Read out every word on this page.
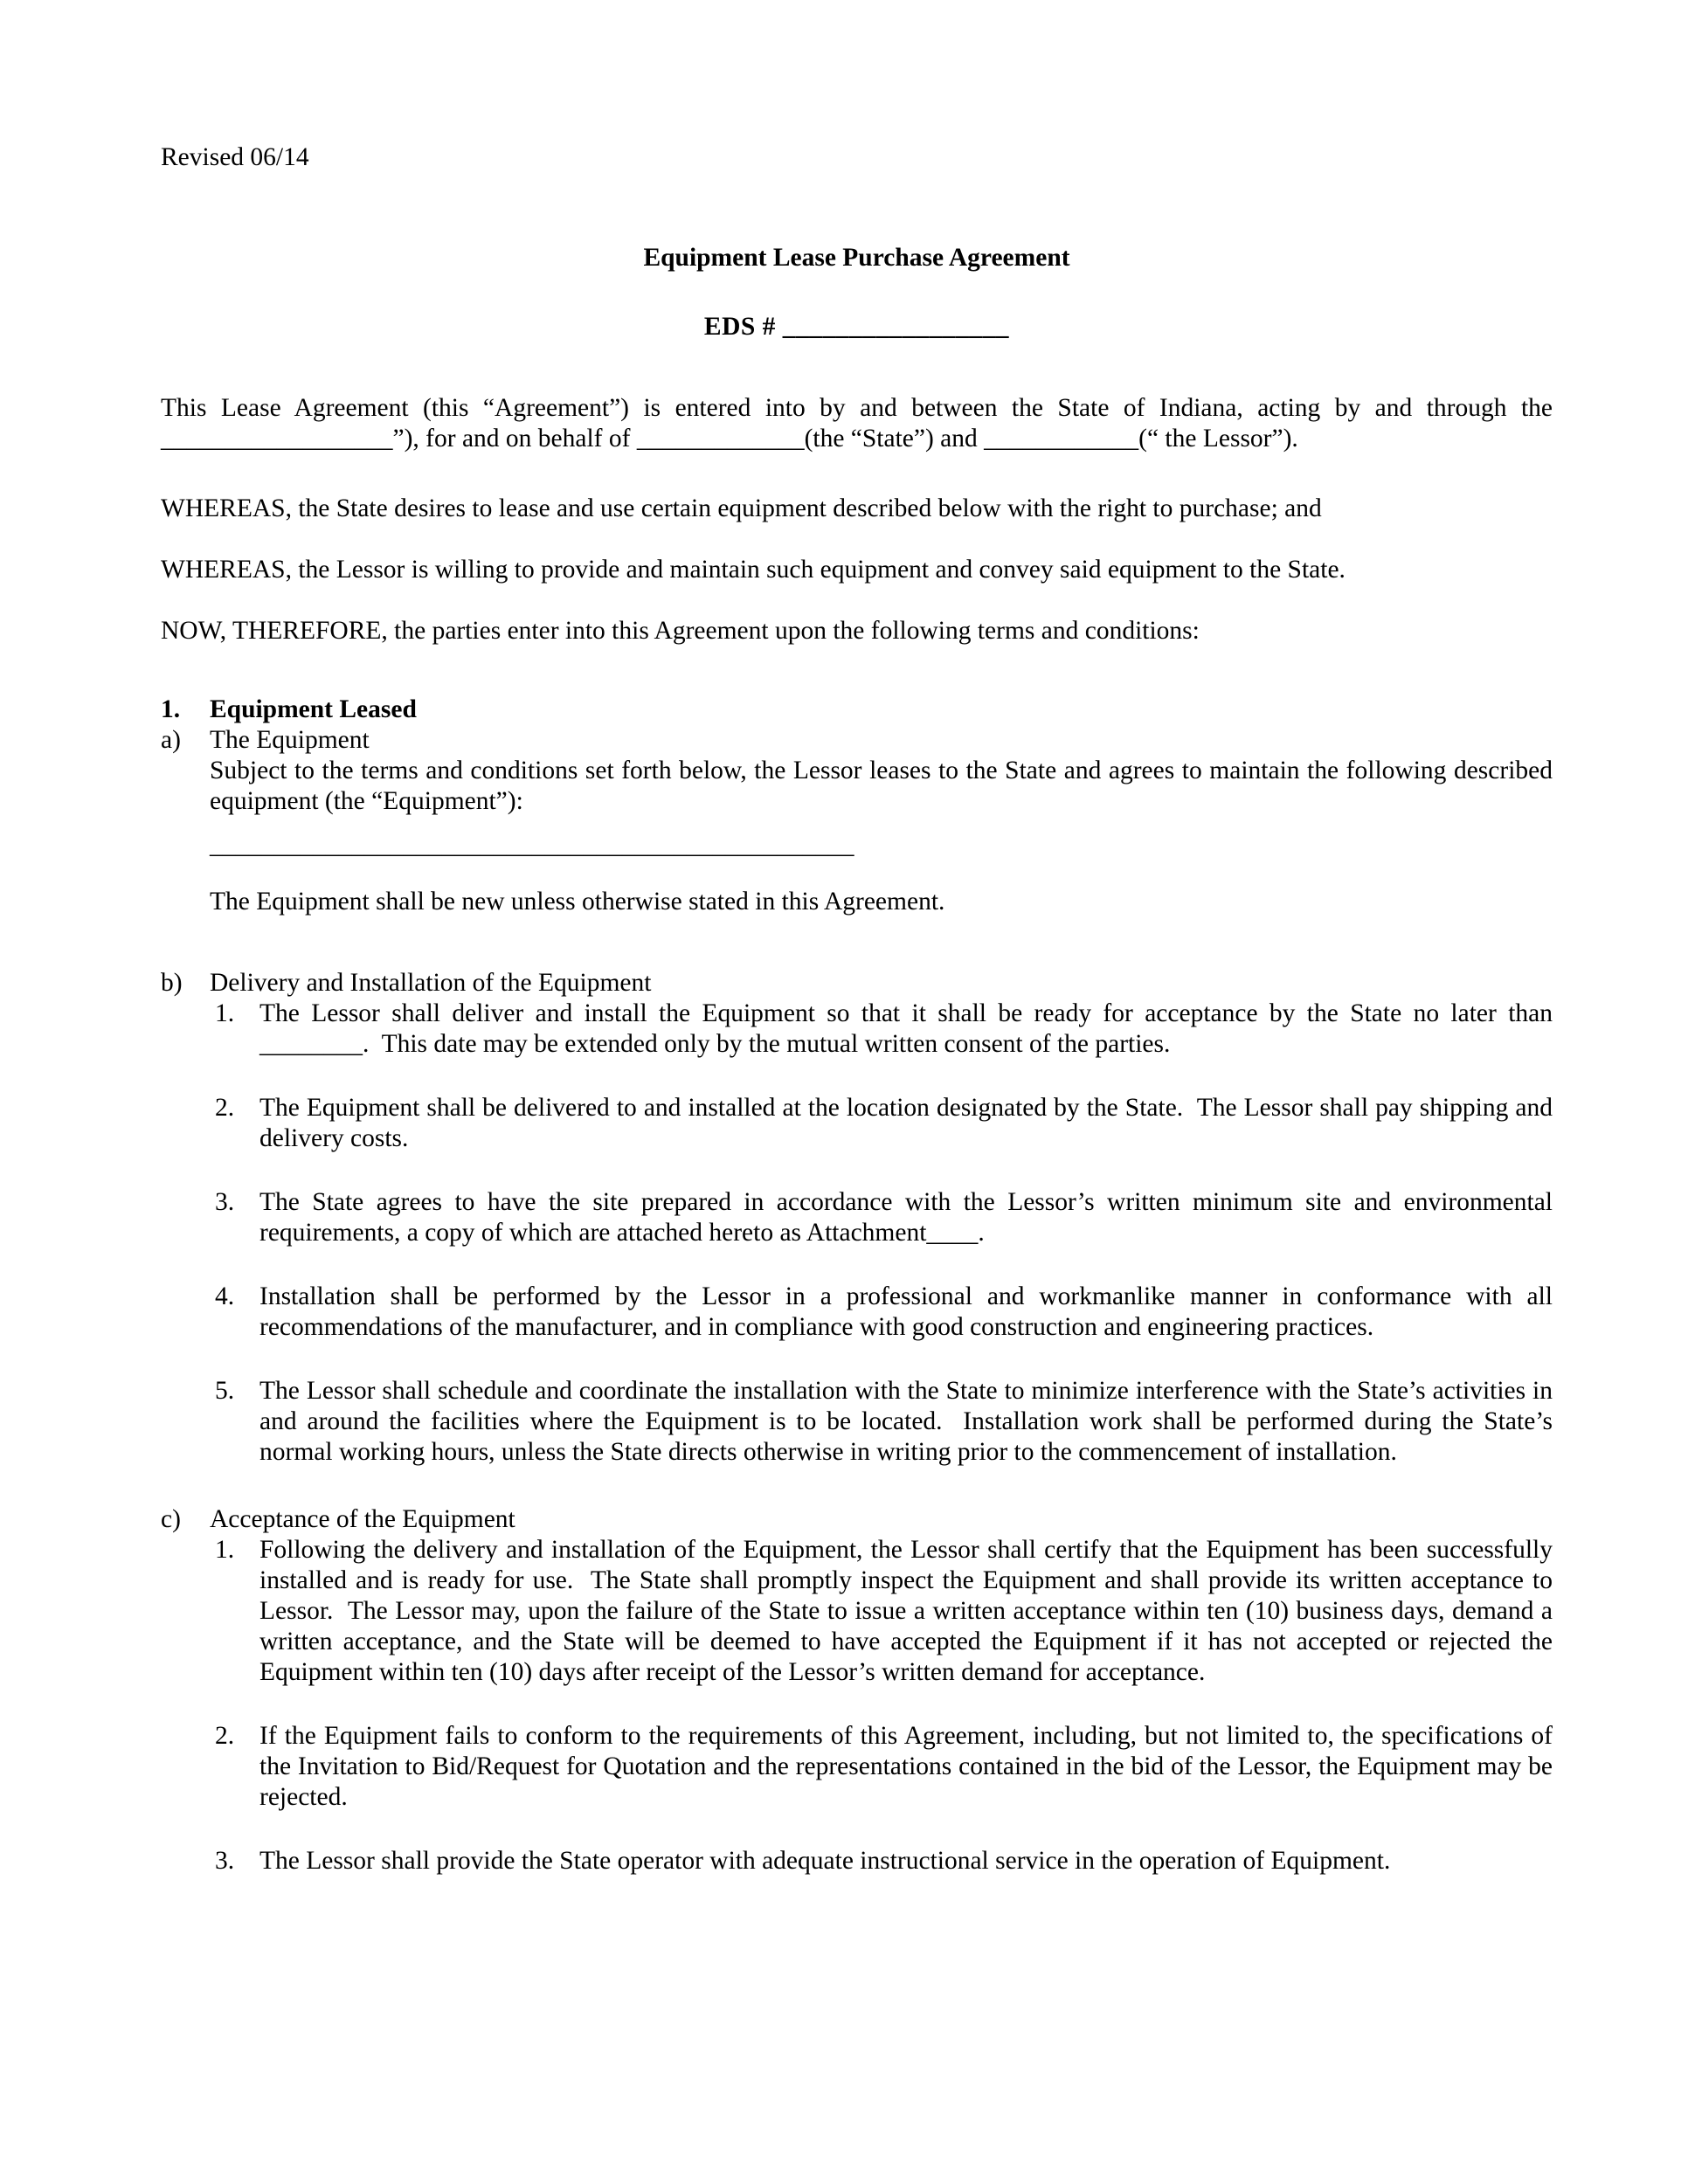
Revised 06/14
Equipment Lease Purchase Agreement
EDS # _________________

This Lease Agreement (this “Agreement”) is entered into by and between the State of Indiana, acting by and through the __________________”), for and on behalf of _____________(the “State”) and ____________(“ the Lessor”).

WHEREAS, the State desires to lease and use certain equipment described below with the right to purchase; and

WHEREAS, the Lessor is willing to provide and maintain such equipment and convey said equipment to the State.

NOW, THEREFORE, the parties enter into this Agreement upon the following terms and conditions:

1.	Equipment Leased
a)	The Equipment

Subject to the terms and conditions set forth below, the Lessor leases to the State and agrees to maintain the following described equipment (the “Equipment”):

__________________________________________________

The Equipment shall be new unless otherwise stated in this Agreement.

b)	Delivery and Installation of the Equipment
1. The Lessor shall deliver and install the Equipment so that it shall be ready for acceptance by the State no later than ________.  This date may be extended only by the mutual written consent of the parties.

2. The Equipment shall be delivered to and installed at the location designated by the State.  The Lessor shall pay shipping and delivery costs.

3. The State agrees to have the site prepared in accordance with the Lessor’s written minimum site and environmental requirements, a copy of which are attached hereto as Attachment____.

4. Installation shall be performed by the Lessor in a professional and workmanlike manner in conformance with all recommendations of the manufacturer, and in compliance with good construction and engineering practices.

5. The Lessor shall schedule and coordinate the installation with the State to minimize interference with the State’s activities in and around the facilities where the Equipment is to be located.  Installation work shall be performed during the State’s normal working hours, unless the State directs otherwise in writing prior to the commencement of installation.

c)	Acceptance of the Equipment
1. Following the delivery and installation of the Equipment, the Lessor shall certify that the Equipment has been successfully installed and is ready for use.  The State shall promptly inspect the Equipment and shall provide its written acceptance to Lessor.  The Lessor may, upon the failure of the State to issue a written acceptance within ten (10) business days, demand a written acceptance, and the State will be deemed to have accepted the Equipment if it has not accepted or rejected the Equipment within ten (10) days after receipt of the Lessor’s written demand for acceptance.

2. If the Equipment fails to conform to the requirements of this Agreement, including, but not limited to, the specifications of the Invitation to Bid/Request for Quotation and the representations contained in the bid of the Lessor, the Equipment may be rejected.

3. The Lessor shall provide the State operator with adequate instructional service in the operation of Equipment.
